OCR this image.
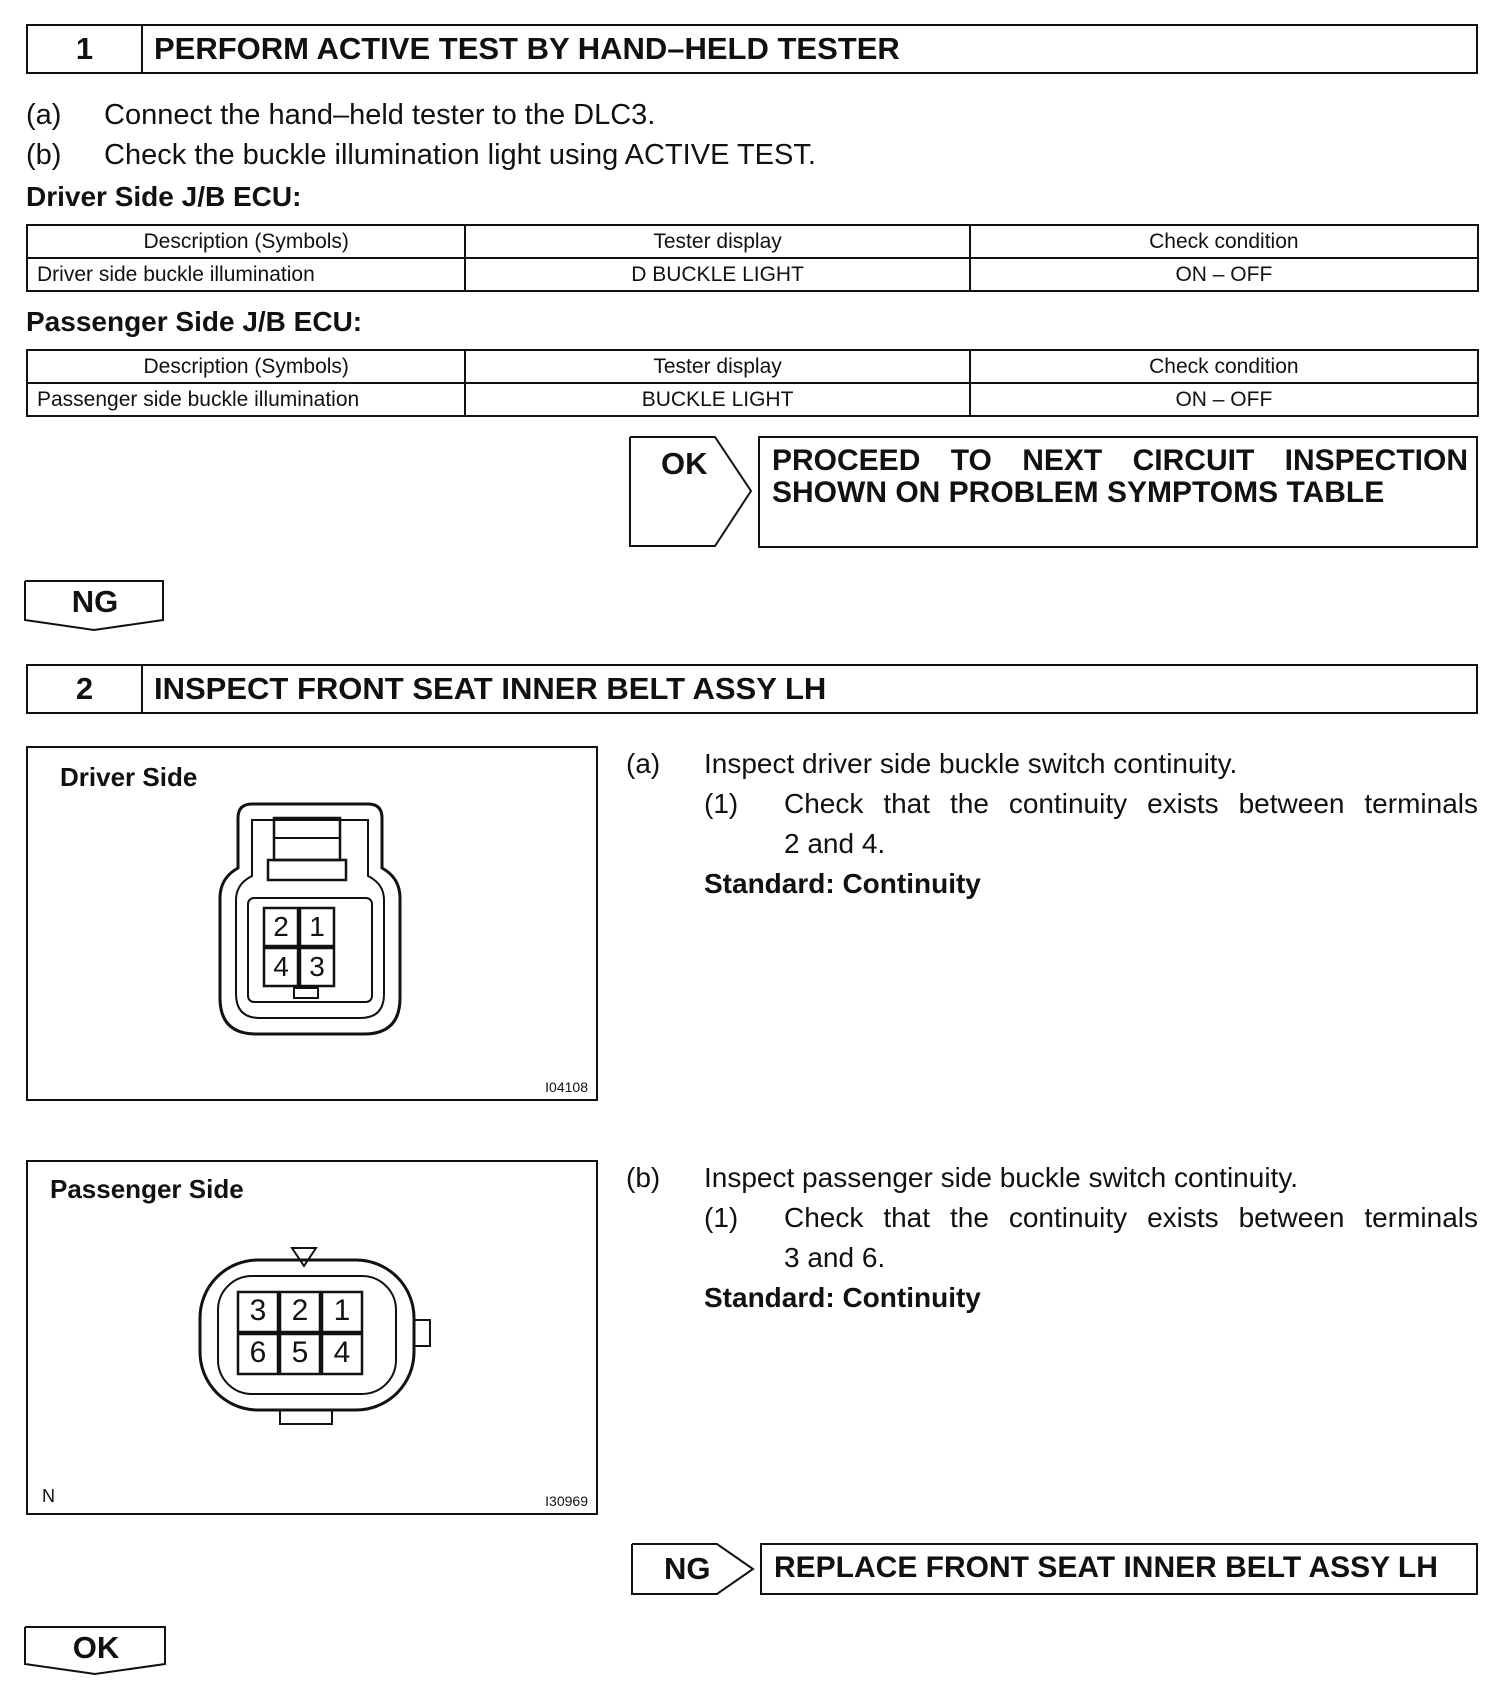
1	PERFORM ACTIVE TEST BY HAND–HELD TESTER
(a) Connect the hand–held tester to the DLC3.
(b) Check the buckle illumination light using ACTIVE TEST.
Driver Side J/B ECU:
Description (Symbols)	Tester display	Check condition
Driver side buckle illumination	D BUCKLE LIGHT	ON – OFF
Passenger Side J/B ECU:
Description (Symbols)	Tester display	Check condition
Passenger side buckle illumination	BUCKLE LIGHT	ON – OFF
OK PROCEED TO NEXT CIRCUIT INSPECTION
SHOWN ON PROBLEM SYMPTOMS TABLE
NG
2	INSPECT FRONT SEAT INNER BELT ASSY LH
Driver Side
2 1
4 3
I04108
(a) Inspect driver side buckle switch continuity.
(1) Check that the continuity exists between terminals
2 and 4.
Standard: Continuity
Passenger Side
3 2 1
6 5 4
N	I30969
(b) Inspect passenger side buckle switch continuity.
(1) Check that the continuity exists between terminals
3 and 6.
Standard: Continuity
NG REPLACE FRONT SEAT INNER BELT ASSY LH
OK
